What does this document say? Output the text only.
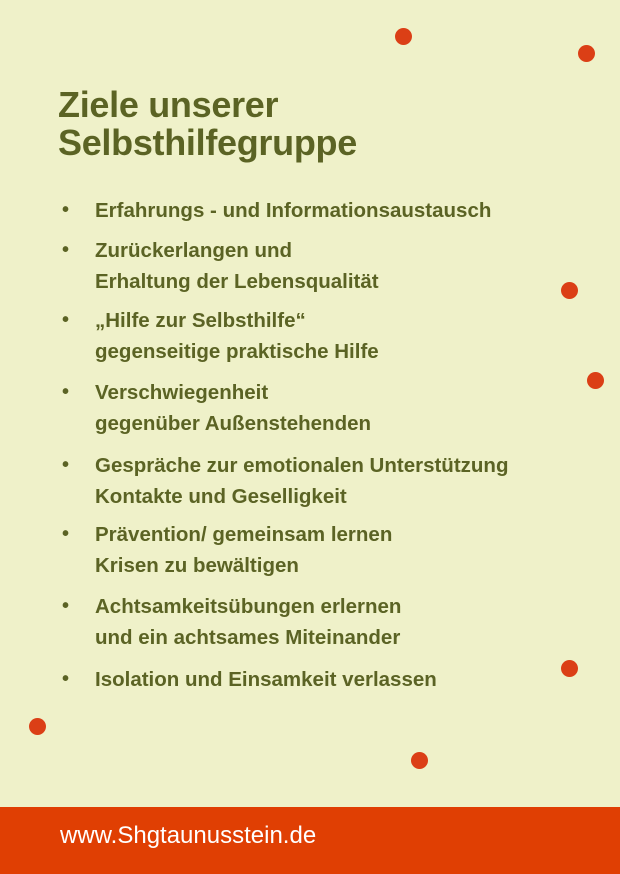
Ziele unserer
Selbsthilfegruppe
• Erfahrungs - und Informationsaustausch
• Zurückerlangen und
Erhaltung der Lebensqualität
• „Hilfe zur Selbsthilfe“
gegenseitige praktische Hilfe
• Verschwiegenheit
gegenüber Außenstehenden
• Gespräche zur emotionalen Unterstützung
Kontakte und Geselligkeit
• Prävention/ gemeinsam lernen
Krisen zu bewältigen
• Achtsamkeitsübungen erlernen
und ein achtsames Miteinander
• Isolation und Einsamkeit verlassen
www.Shgtaunusstein.de
